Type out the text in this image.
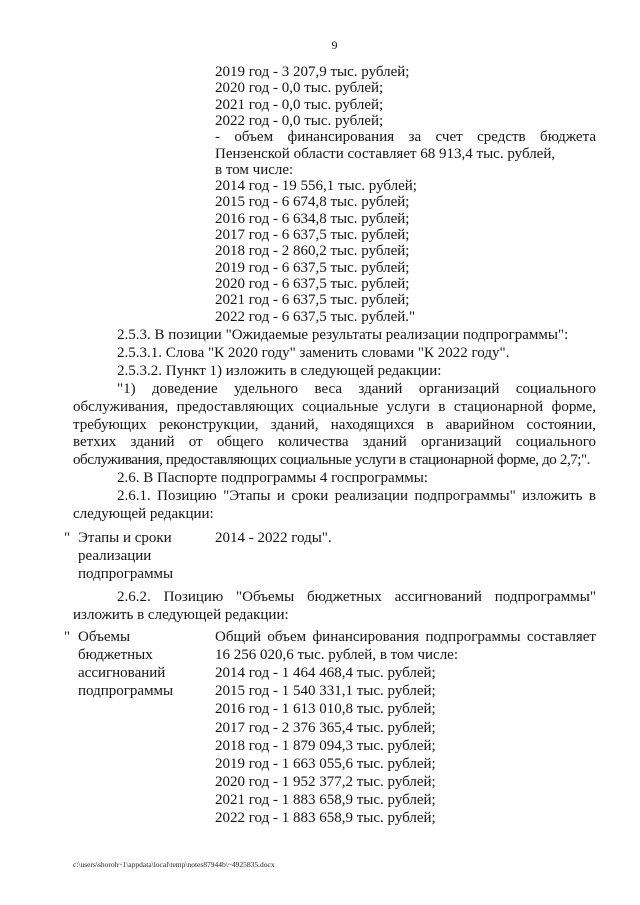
9
2019 год - 3 207,9 тыс. рублей;
2020 год - 0,0 тыс. рублей;
2021 год - 0,0 тыс. рублей;
2022 год - 0,0 тыс. рублей;
- объем финансирования за счет средств бюджета
Пензенской области составляет 68 913,4 тыс. рублей,
в том числе:
2014 год - 19 556,1 тыс. рублей;
2015 год - 6 674,8 тыс. рублей;
2016 год - 6 634,8 тыс. рублей;
2017 год - 6 637,5 тыс. рублей;
2018 год - 2 860,2 тыс. рублей;
2019 год - 6 637,5 тыс. рублей;
2020 год - 6 637,5 тыс. рублей;
2021 год - 6 637,5 тыс. рублей;
2022 год - 6 637,5 тыс. рублей."
2.5.3. В позиции "Ожидаемые результаты реализации подпрограммы":
2.5.3.1. Слова "К 2020 году" заменить словами "К 2022 году".
2.5.3.2. Пункт 1) изложить в следующей редакции:
"1) доведение удельного веса зданий организаций социального
обслуживания, предоставляющих социальные услуги в стационарной форме,
требующих реконструкции, зданий, находящихся в аварийном состоянии,
ветхих зданий от общего количества зданий организаций социального
обслуживания, предоставляющих социальные услуги в стационарной форме, до 2,7;".
2.6. В Паспорте подпрограммы 4 госпрограммы:
2.6.1. Позицию "Этапы и сроки реализации подпрограммы" изложить в
следующей редакции:
" Этапы и сроки
реализации
подпрограммы
2014 - 2022 годы".
2.6.2. Позицию "Объемы бюджетных ассигнований подпрограммы"
изложить в следующей редакции:
" Объемы
бюджетных
ассигнований
подпрограммы
Общий объем финансирования подпрограммы составляет
16 256 020,6 тыс. рублей, в том числе:
2014 год - 1 464 468,4 тыс. рублей;
2015 год - 1 540 331,1 тыс. рублей;
2016 год - 1 613 010,8 тыс. рублей;
2017 год - 2 376 365,4 тыс. рублей;
2018 год - 1 879 094,3 тыс. рублей;
2019 год - 1 663 055,6 тыс. рублей;
2020 год - 1 952 377,2 тыс. рублей;
2021 год - 1 883 658,9 тыс. рублей;
2022 год - 1 883 658,9 тыс. рублей;
c:\users\shoroh~1\appdata\local\temp\notes87944b\~4925835.docx
